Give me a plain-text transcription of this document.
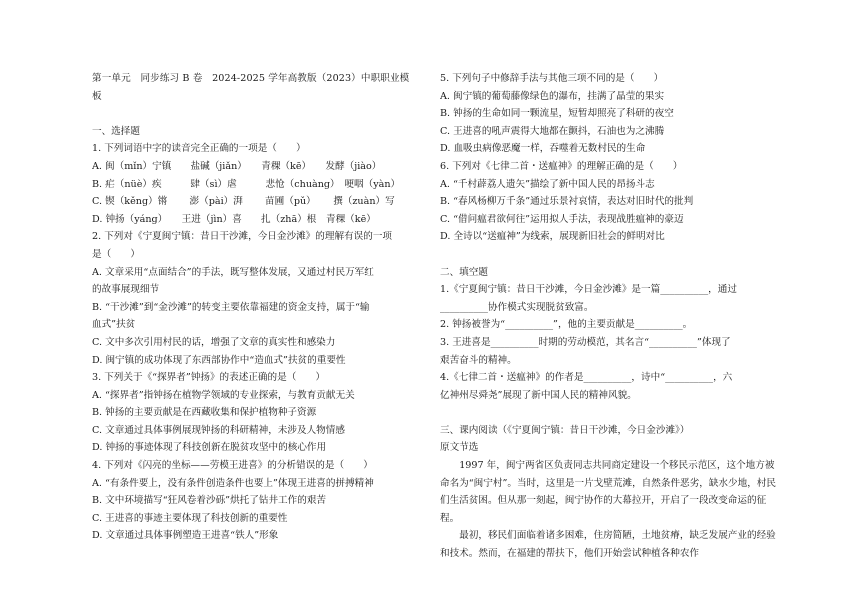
第一单元　同步练习 B 卷　2024-2025 学年高教版（2023）中职职业模
板
一、选择题
1. 下列词语中字的读音完全正确的一项是（　　）
A. 闽（mǐn）宁镇　　盐碱（jiǎn）　　青稞（kē）　　发酵（jiào）
B. 疟（nüè）疾　　　肆（sì）虐　　　悲怆（chuàng）　哽咽（yàn）
C. 锲（kěng）锵　　 澎（pài）湃　　 苗圃（pǔ）　　 撰（zuàn）写
D. 钟扬（yáng）　　王进（jìn）喜　　扎（zhā）根　青稞（kē）
2. 下列对《宁夏闽宁镇：昔日干沙滩，今日金沙滩》的理解有误的一项
是（　　）
A. 文章采用“点面结合”的手法，既写整体发展，又通过村民万军红
的故事展现细节
B. “干沙滩”到“金沙滩”的转变主要依靠福建的资金支持，属于“输
血式”扶贫
C. 文中多次引用村民的话，增强了文章的真实性和感染力
D. 闽宁镇的成功体现了东西部协作中“造血式”扶贫的重要性
3. 下列关于《“探界者”钟扬》的表述正确的是（　　）
A. “探界者”指钟扬在植物学领域的专业探索，与教育贡献无关
B. 钟扬的主要贡献是在西藏收集和保护植物种子资源
C. 文章通过具体事例展现钟扬的科研精神，未涉及人物情感
D. 钟扬的事迹体现了科技创新在脱贫攻坚中的核心作用
4. 下列对《闪亮的坐标——劳模王进喜》的分析错误的是（　　）
A. “有条件要上，没有条件创造条件也要上”体现王进喜的拼搏精神
B. 文中环境描写“狂风卷着沙砾”烘托了钻井工作的艰苦
C. 王进喜的事迹主要体现了科技创新的重要性
D. 文章通过具体事例塑造王进喜“铁人”形象
5. 下列句子中修辞手法与其他三项不同的是（　　）
A. 闽宁镇的葡萄藤像绿色的瀑布，挂满了晶莹的果实
B. 钟扬的生命如同一颗流星，短暂却照亮了科研的夜空
C. 王进喜的吼声震得大地都在颤抖，石油也为之沸腾
D. 血吸虫病像恶魔一样，吞噬着无数村民的生命
6. 下列对《七律二首・送瘟神》的理解正确的是（　　）
A. “千村薜荔人遗矢”描绘了新中国人民的昂扬斗志
B. “春风杨柳万千条”通过乐景衬哀情，表达对旧时代的批判
C. “借问瘟君欲何往”运用拟人手法，表现战胜瘟神的豪迈
D. 全诗以“送瘟神”为线索，展现新旧社会的鲜明对比
二、填空题
1.《宁夏闽宁镇：昔日干沙滩，今日金沙滩》是一篇__________，通过
__________协作模式实现脱贫致富。
2. 钟扬被誉为“__________”，他的主要贡献是__________。
3. 王进喜是__________时期的劳动模范，其名言“__________”体现了
艰苦奋斗的精神。
4.《七律二首・送瘟神》的作者是__________，诗中“__________，六
亿神州尽舜尧”展现了新中国人民的精神风貌。
三、课内阅读（《宁夏闽宁镇：昔日干沙滩，今日金沙滩》）
原文节选
1997 年，闽宁两省区负责同志共同商定建设一个移民示范区，这个地方被命名为“闽宁村”。当时，这里是一片戈壁荒滩，自然条件恶劣，缺水少地，村民们生活贫困。但从那一刻起，闽宁协作的大幕拉开，开启了一段改变命运的征程。
最初，移民们面临着诸多困难，住房简陋，土地贫瘠，缺乏发展产业的经验和技术。然而，在福建的帮扶下，他们开始尝试种植各种农作
